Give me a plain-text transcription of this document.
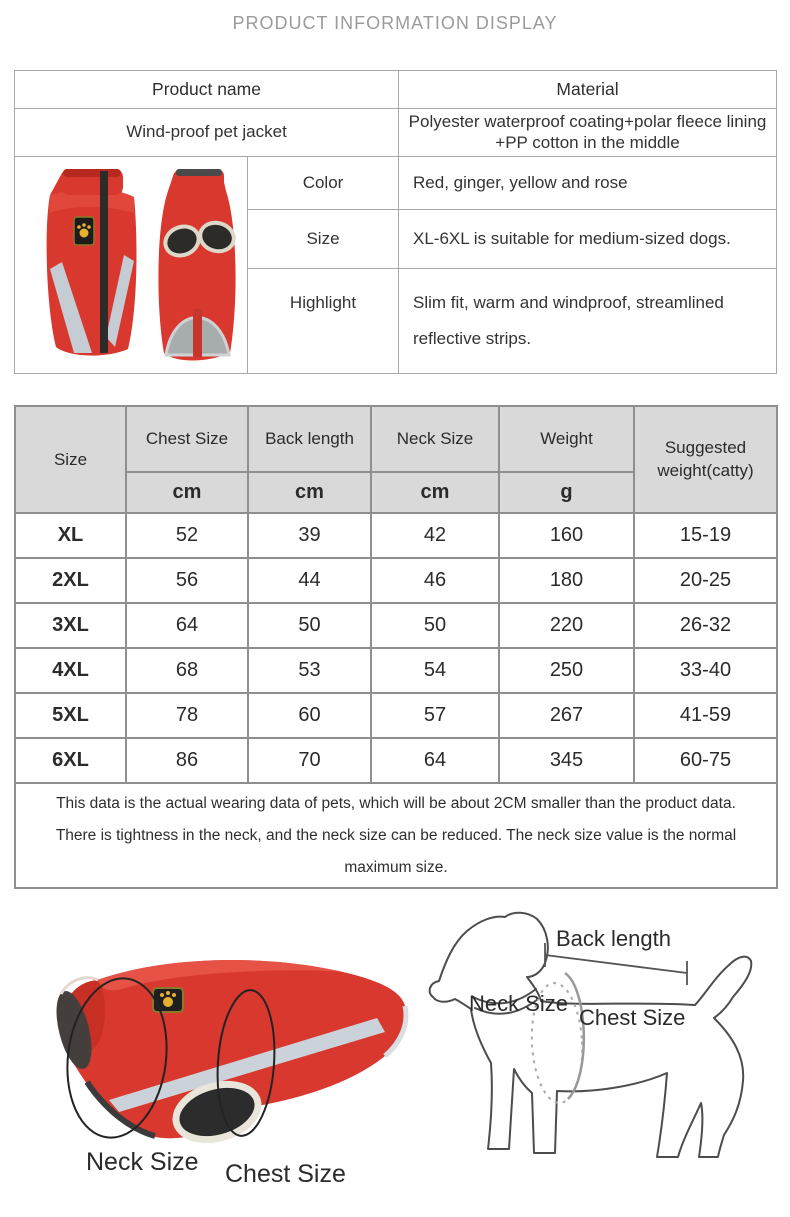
PRODUCT INFORMATION DISPLAY
Product name		Material
Wind-proof pet jacket		Polyester waterproof coating+polar fleece lining
+PP cotton in the middle

	Color	Red, ginger, yellow and rose
	Size	XL-6XL is suitable for medium-sized dogs.
	Highlight	Slim fit, warm and windproof, streamlined
reflective strips.
Size	Chest Size	Back length	Neck Size	Weight	Suggested weight(catty)
	cm	cm	cm	g	
XL	52	39	42	160	15-19
2XL	56	44	46	180	20-25
3XL	64	50	50	220	26-32
4XL	68	53	54	250	33-40
5XL	78	60	57	267	41-59
6XL	86	70	64	345	60-75

This data is the actual wearing data of pets, which will be about 2CM smaller than the product data.
There is tightness in the neck, and the neck size can be reduced. The neck size value is the normal maximum size.					
Neck Size Chest Size
Back length
Neck Size
Chest Size
